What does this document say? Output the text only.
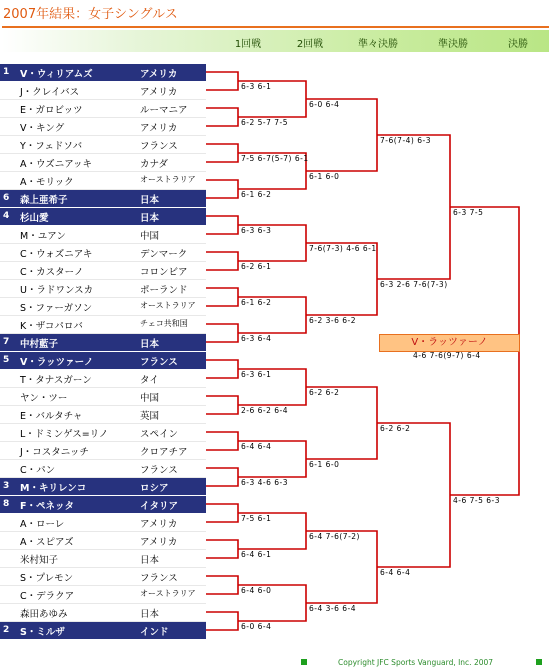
2007年結果：女子シングルス
1回戦	2回戦	準々決勝	準決勝	決勝
1 V・ウィリアムズ	アメリカ
J・クレイバス	アメリカ
E・ガロビッツ	ルーマニア
V・キング	アメリカ
Y・フェドソバ	フランス
A・ウズニアッキ	カナダ
A・モリック	オーストラリア
6 森上亜希子	日本
4 杉山愛	日本
M・ユアン	中国
C・ウォズニアキ	デンマーク
C・カスターノ	コロンビア
U・ラドワンスカ	ポーランド
S・ファーガソン	オーストラリア
K・ザコパロバ	チェコ共和国
7 中村藍子	日本
5 V・ラッツァーノ	フランス
T・タナスガーン	タイ
ヤン・ツー	中国
E・バルタチャ	英国
L・ドミンゲス=リノ	スペイン
J・コスタニッチ	クロアチア
C・パン	フランス
3 M・キリレンコ	ロシア
8 F・ペネッタ	イタリア
A・ローレ	アメリカ
A・スピアズ	アメリカ
米村知子	日本
S・プレモン	フランス
C・デラクア	オーストラリア
森田あゆみ	日本
2 S・ミルザ	インド
6-3 6-1
6-2 5-7 7-5
7-5 6-7(5-7) 6-1
6-1 6-2
6-3 6-3
6-2 6-1
6-1 6-2
6-3 6-4
6-3 6-1
2-6 6-2 6-4
6-4 6-4
6-3 4-6 6-3
7-5 6-1
6-4 6-1
6-4 6-0
6-0 6-4
6-0 6-4
6-1 6-0
7-6(7-3) 4-6 6-1
6-2 3-6 6-2
6-2 6-2
6-1 6-0
6-4 7-6(7-2)
6-4 3-6 6-4
7-6(7-4) 6-3
6-3 2-6 7-6(7-3)
6-2 6-2
6-4 6-4
6-3 7-5
4-6 7-5 6-3
V・ラッツァーノ
4-6 7-6(9-7) 6-4
Copyright JFC Sports Vanguard, Inc. 2007
